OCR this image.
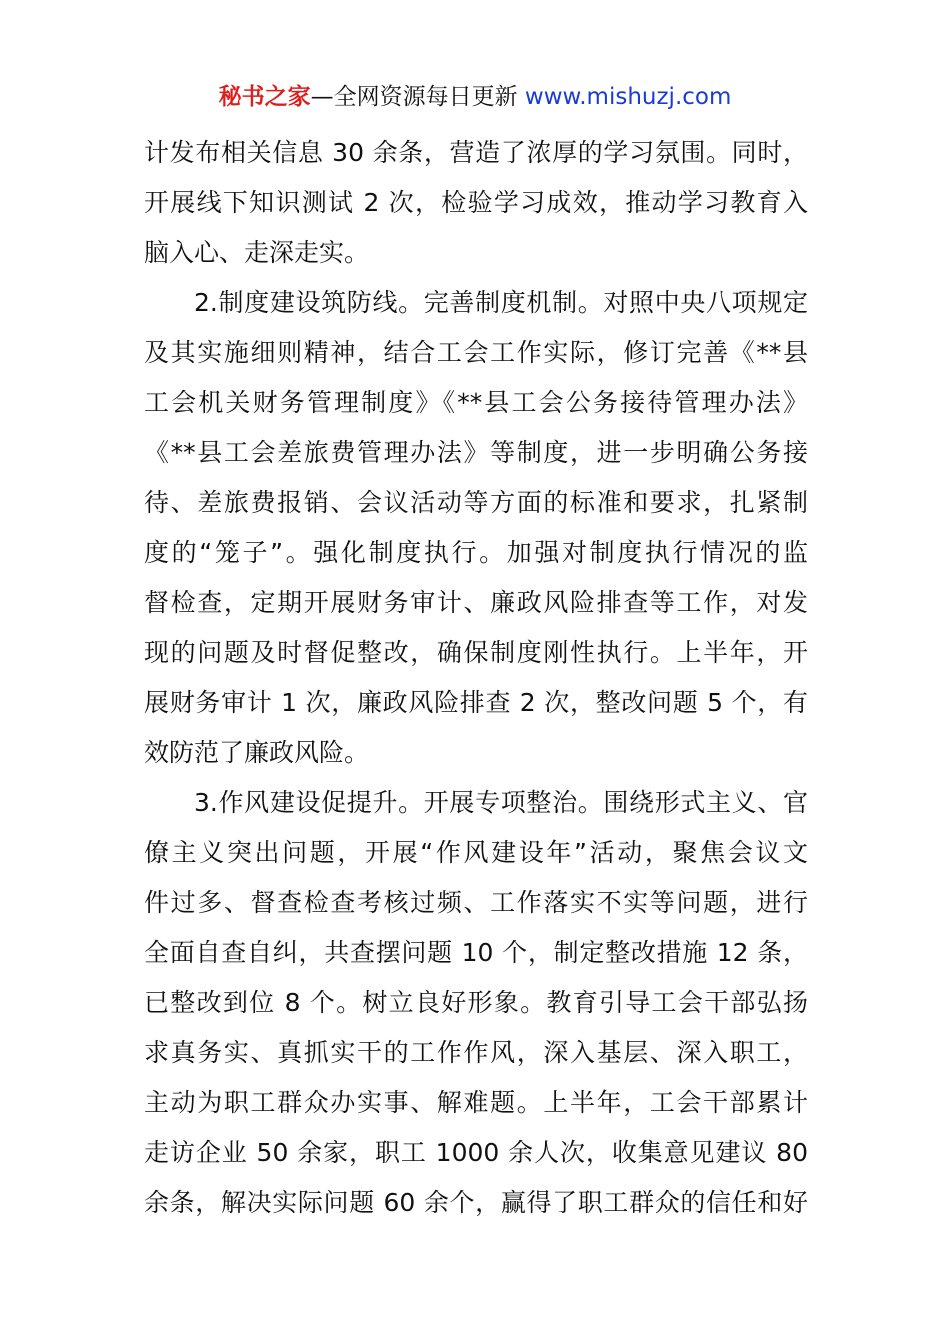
秘书之家—全网资源每日更新 www.mishuzj.com
计发布相关信息 30 余条，营造了浓厚的学习氛围。同时，
开展线下知识测试 2 次，检验学习成效，推动学习教育入
脑入心、走深走实。
2.制度建设筑防线。完善制度机制。对照中央八项规定
及其实施细则精神，结合工会工作实际，修订完善《**县
工会机关财务管理制度》《**县工会公务接待管理办法》
《**县工会差旅费管理办法》等制度，进一步明确公务接
待、差旅费报销、会议活动等方面的标准和要求，扎紧制
度的“笼子”。强化制度执行。加强对制度执行情况的监
督检查，定期开展财务审计、廉政风险排查等工作，对发
现的问题及时督促整改，确保制度刚性执行。上半年，开
展财务审计 1 次，廉政风险排查 2 次，整改问题 5 个，有
效防范了廉政风险。
3.作风建设促提升。开展专项整治。围绕形式主义、官
僚主义突出问题，开展“作风建设年”活动，聚焦会议文
件过多、督查检查考核过频、工作落实不实等问题，进行
全面自查自纠，共查摆问题 10 个，制定整改措施 12 条，
已整改到位 8 个。树立良好形象。教育引导工会干部弘扬
求真务实、真抓实干的工作作风，深入基层、深入职工，
主动为职工群众办实事、解难题。上半年，工会干部累计
走访企业 50 余家，职工 1000 余人次，收集意见建议 80
余条，解决实际问题 60 余个，赢得了职工群众的信任和好
